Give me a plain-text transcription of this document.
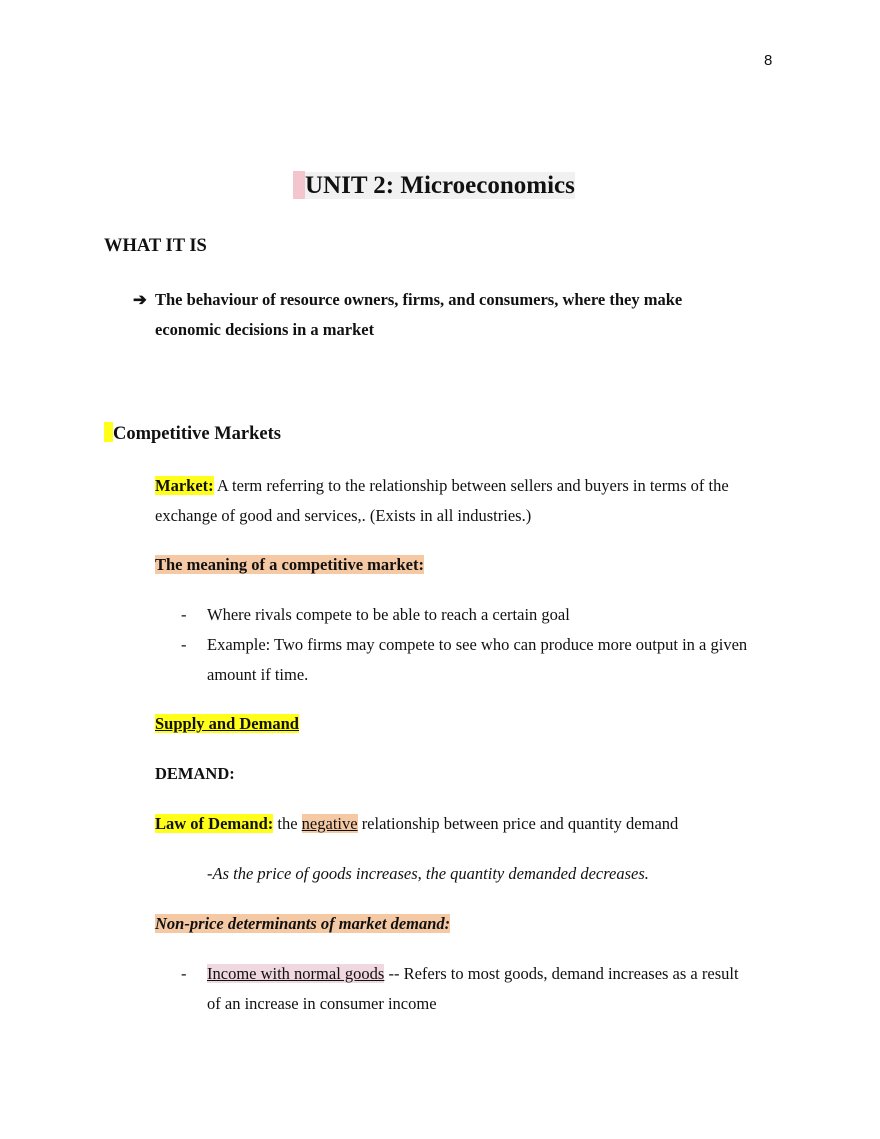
8
UNIT 2: Microeconomics
WHAT IT IS
➔ The behaviour of resource owners, firms, and consumers, where they make
economic decisions in a market
Competitive Markets
Market: A term referring to the relationship between sellers and buyers in terms of the
exchange of good and services,. (Exists in all industries.)
The meaning of a competitive market:
- Where rivals compete to be able to reach a certain goal
- Example: Two firms may compete to see who can produce more output in a given
amount if time.
Supply and Demand
DEMAND:
Law of Demand: the negative relationship between price and quantity demand
-As the price of goods increases, the quantity demanded decreases.
Non-price determinants of market demand:
- Income with normal goods -- Refers to most goods, demand increases as a result
of an increase in consumer income
